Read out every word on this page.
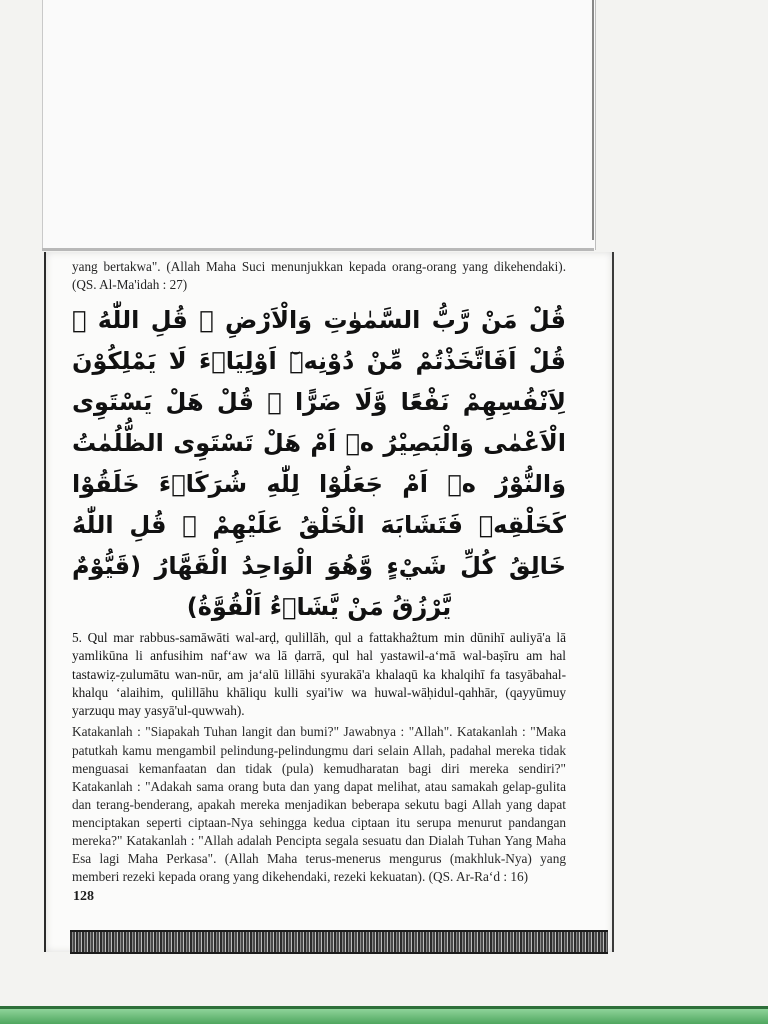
yang bertakwa". (Allah Maha Suci menunjukkan kepada orang-orang yang dikehendaki). (QS. Al-Ma'idah : 27)

قُلْ مَنْ رَّبُّ السَّمٰوٰتِ وَالْاَرْضِ ۗ قُلِ اللّٰهُ ۗ قُلْ اَفَاتَّخَذْتُمْ مِّنْ دُوْنِهٖٓ اَوْلِيَاۤءَ لَا يَمْلِكُوْنَ لِاَنْفُسِهِمْ نَفْعًا وَّلَا ضَرًّا ۗ قُلْ هَلْ يَسْتَوِى الْاَعْمٰى وَالْبَصِيْرُ ەۙ اَمْ هَلْ تَسْتَوِى الظُّلُمٰتُ وَالنُّوْرُ ەۚ اَمْ جَعَلُوْا لِلّٰهِ شُرَكَاۤءَ خَلَقُوْا كَخَلْقِهٖ فَتَشَابَهَ الْخَلْقُ عَلَيْهِمْ ۗ قُلِ اللّٰهُ خَالِقُ كُلِّ شَيْءٍ وَّهُوَ الْوَاحِدُ الْقَهَّارُ (قَيُّوْمٌ يَّرْزُقُ مَنْ يَّشَاۤءُ اَلْقُوَّةُ)

5. Qul mar rabbus-samāwāti wal-arḍ, qulillāh, qul a fattakhaẑtum min dūnihī auliyā'a lā yamlikūna li anfusihim naf‘aw wa lā ḍarrā, qul hal yastawil-a‘mā wal-baṣīru am hal tastawiẓ-ẓulumātu wan-nūr, am ja‘alū lillāhi syurakā'a khalaqū ka khalqihī fa tasyābahal-khalqu ‘alaihim, qulillāhu khāliqu kulli syai'iw wa huwal-wāḥidul-qahhār, (qayyūmuy yarzuqu may yasyā'ul-quwwah).

Katakanlah : "Siapakah Tuhan langit dan bumi?" Jawabnya : "Allah". Katakanlah : "Maka patutkah kamu mengambil pelindung-pelindungmu dari selain Allah, padahal mereka tidak menguasai kemanfaatan dan tidak (pula) kemudharatan bagi diri mereka sendiri?" Katakanlah : "Adakah sama orang buta dan yang dapat melihat, atau samakah gelap-gulita dan terang-benderang, apakah mereka menjadikan beberapa sekutu bagi Allah yang dapat menciptakan seperti ciptaan-Nya sehingga kedua ciptaan itu serupa menurut pandangan mereka?" Katakanlah : "Allah adalah Pencipta segala sesuatu dan Dialah Tuhan Yang Maha Esa lagi Maha Perkasa". (Allah Maha terus-menerus mengurus (makhluk-Nya) yang memberi rezeki kepada orang yang dikehendaki, rezeki kekuatan). (QS. Ar-Ra‘d : 16)

128
